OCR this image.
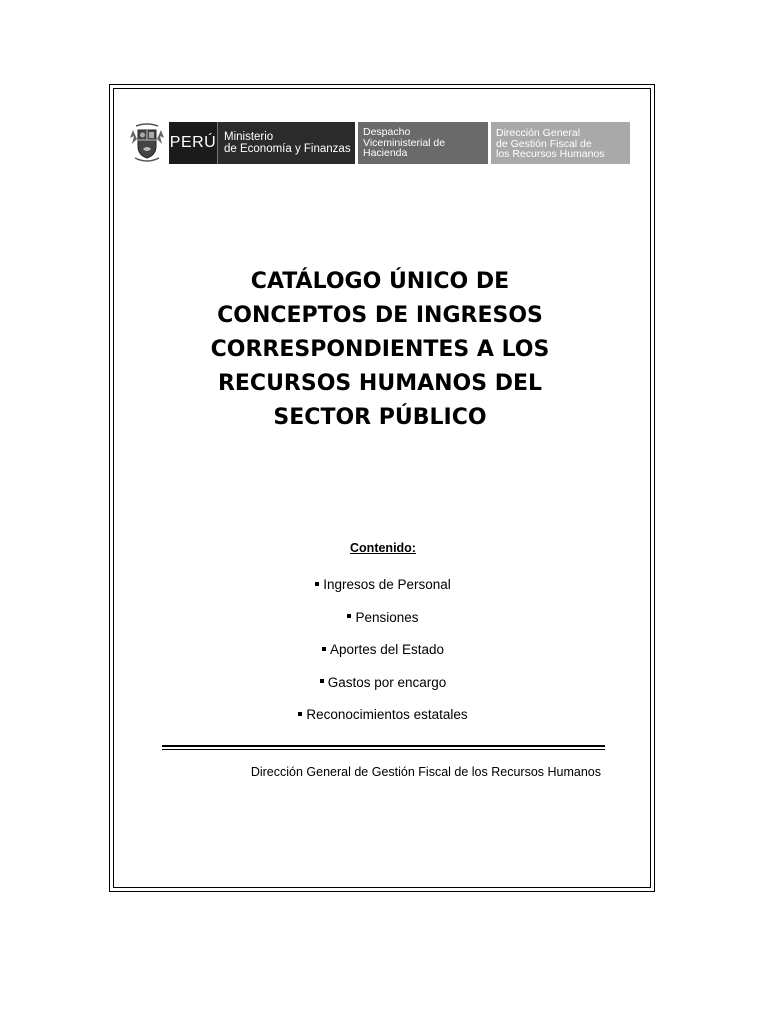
PERÚ Ministerio
de Economía y Finanzas
Despacho
Viceministerial de
Hacienda
Dirección General
de Gestión Fiscal de
los Recursos Humanos
CATÁLOGO ÚNICO DE
CONCEPTOS DE INGRESOS
CORRESPONDIENTES A LOS
RECURSOS HUMANOS DEL
SECTOR PÚBLICO
Contenido:
Ingresos de Personal
Pensiones
Aportes del Estado
Gastos por encargo
Reconocimientos estatales
Dirección General de Gestión Fiscal de los Recursos Humanos
